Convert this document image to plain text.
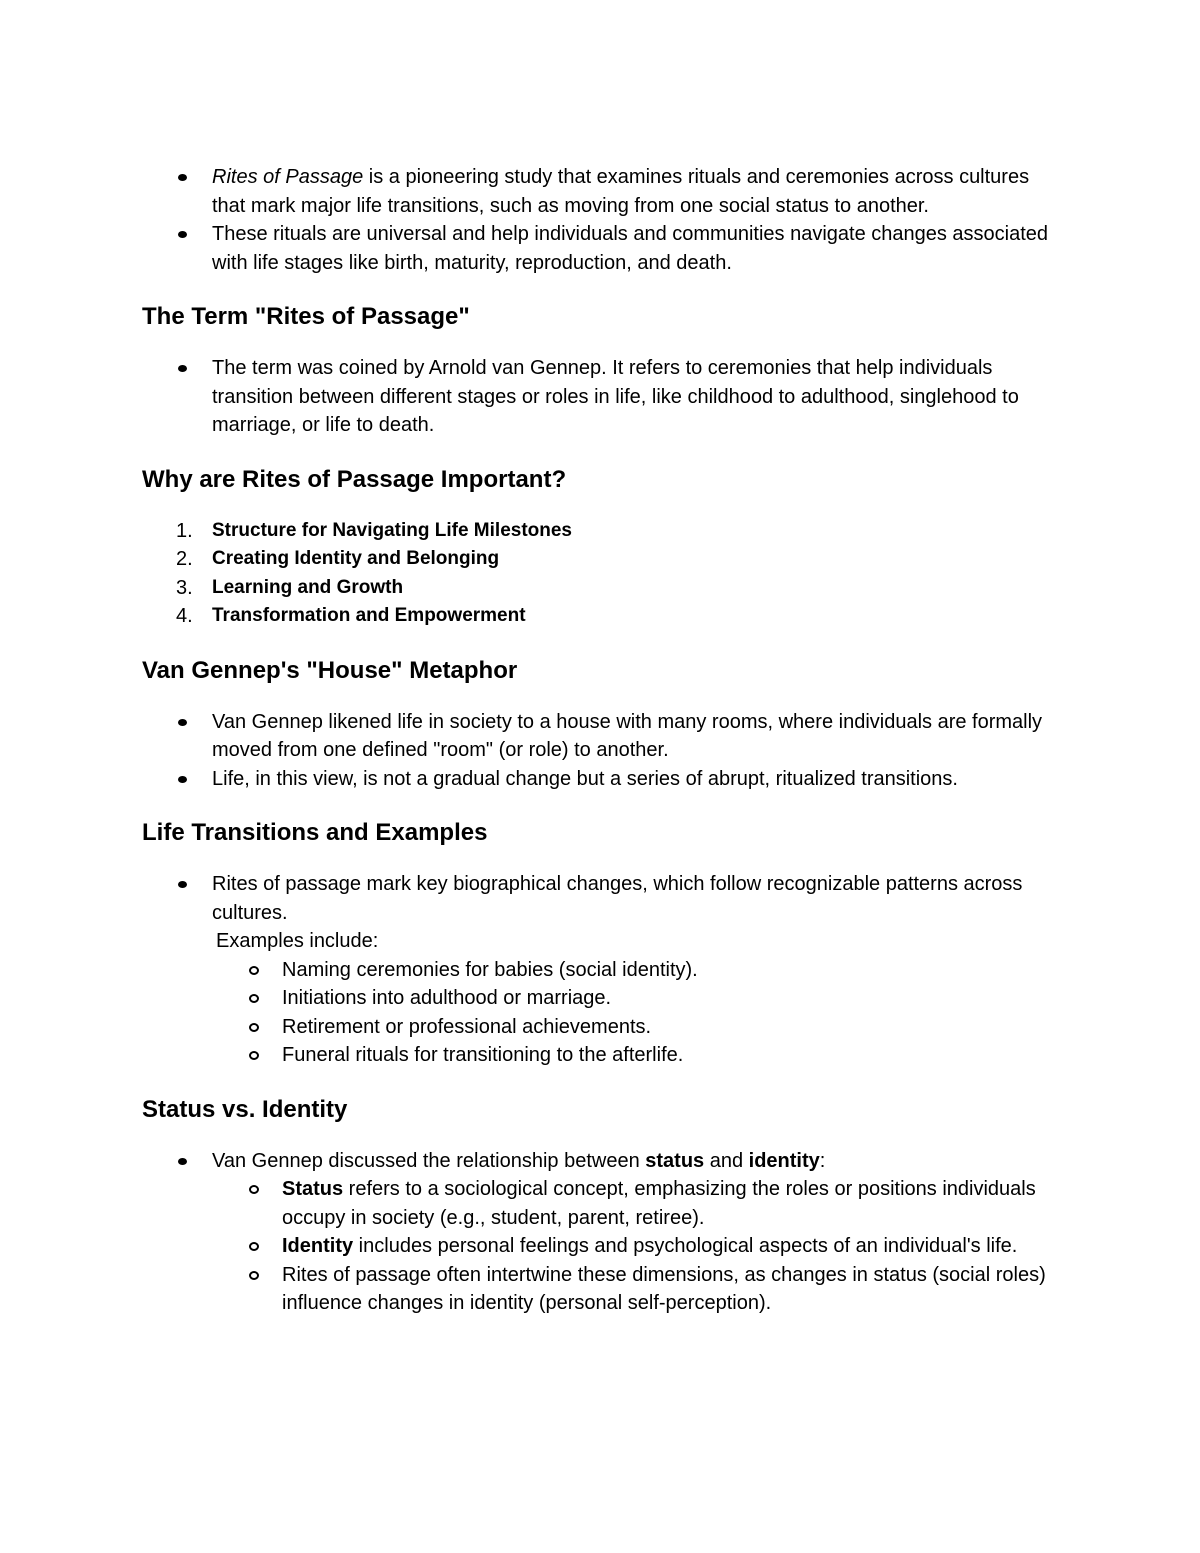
Rites of Passage is a pioneering study that examines rituals and ceremonies across cultures that mark major life transitions, such as moving from one social status to another.
These rituals are universal and help individuals and communities navigate changes associated with life stages like birth, maturity, reproduction, and death.
The Term "Rites of Passage"
The term was coined by Arnold van Gennep. It refers to ceremonies that help individuals transition between different stages or roles in life, like childhood to adulthood, singlehood to marriage, or life to death.
Why are Rites of Passage Important?
1. Structure for Navigating Life Milestones
2. Creating Identity and Belonging
3. Learning and Growth
4. Transformation and Empowerment
Van Gennep's "House" Metaphor
Van Gennep likened life in society to a house with many rooms, where individuals are formally moved from one defined "room" (or role) to another.
Life, in this view, is not a gradual change but a series of abrupt, ritualized transitions.
Life Transitions and Examples
Rites of passage mark key biographical changes, which follow recognizable patterns across cultures.
Examples include:
Naming ceremonies for babies (social identity).
Initiations into adulthood or marriage.
Retirement or professional achievements.
Funeral rituals for transitioning to the afterlife.
Status vs. Identity
Van Gennep discussed the relationship between status and identity:
Status refers to a sociological concept, emphasizing the roles or positions individuals occupy in society (e.g., student, parent, retiree).
Identity includes personal feelings and psychological aspects of an individual's life.
Rites of passage often intertwine these dimensions, as changes in status (social roles) influence changes in identity (personal self-perception).
